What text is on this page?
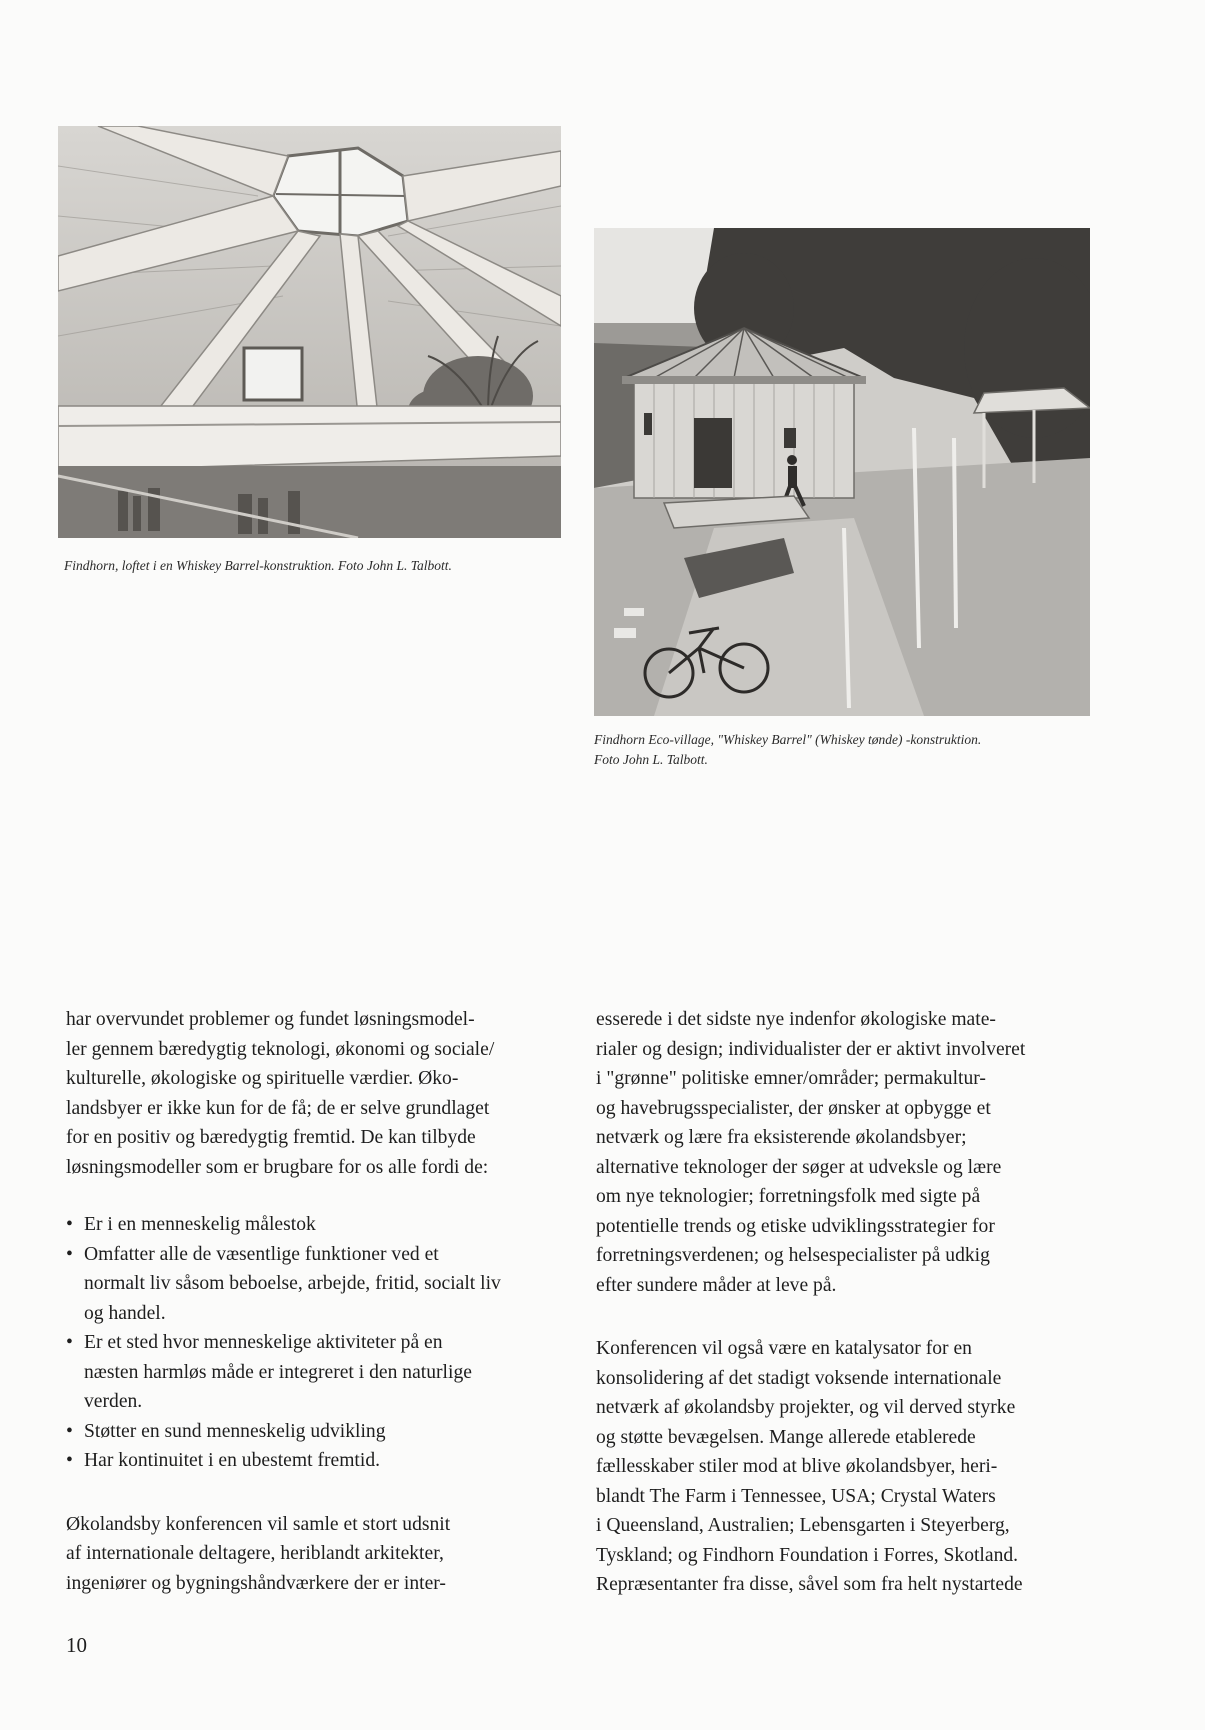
Findhorn, loftet i en Whiskey Barrel-konstruktion. Foto John L. Talbott.
Findhorn Eco-village, "Whiskey Barrel" (Whiskey tønde) -konstruktion.
Foto John L. Talbott.

har overvundet problemer og fundet løsningsmodel-
ler gennem bæredygtig teknologi, økonomi og sociale/
kulturelle, økologiske og spirituelle værdier. Øko-
landsbyer er ikke kun for de få; de er selve grundlaget
for en positiv og bæredygtig fremtid. De kan tilbyde
løsningsmodeller som er brugbare for os alle fordi de:

• Er i en menneskelig målestok
• Omfatter alle de væsentlige funktioner ved et
normalt liv såsom beboelse, arbejde, fritid, socialt liv
og handel.
• Er et sted hvor menneskelige aktiviteter på en
næsten harmløs måde er integreret i den naturlige
verden.
• Støtter en sund menneskelig udvikling
• Har kontinuitet i en ubestemt fremtid.

Økolandsby konferencen vil samle et stort udsnit
af internationale deltagere, heriblandt arkitekter,
ingeniører og bygningshåndværkere der er inter-

esserede i det sidste nye indenfor økologiske mate-
rialer og design; individualister der er aktivt involveret
i "grønne" politiske emner/områder; permakultur-
og havebrugsspecialister, der ønsker at opbygge et
netværk og lære fra eksisterende økolandsbyer;
alternative teknologer der søger at udveksle og lære
om nye teknologier; forretningsfolk med sigte på
potentielle trends og etiske udviklingsstrategier for
forretningsverdenen; og helsespecialister på udkig
efter sundere måder at leve på.

Konferencen vil også være en katalysator for en
konsolidering af det stadigt voksende internationale
netværk af økolandsby projekter, og vil derved styrke
og støtte bevægelsen. Mange allerede etablerede
fællesskaber stiler mod at blive økolandsbyer, heri-
blandt The Farm i Tennessee, USA; Crystal Waters
i Queensland, Australien; Lebensgarten i Steyerberg,
Tyskland; og Findhorn Foundation i Forres, Skotland.
Repræsentanter fra disse, såvel som fra helt nystartede

10
